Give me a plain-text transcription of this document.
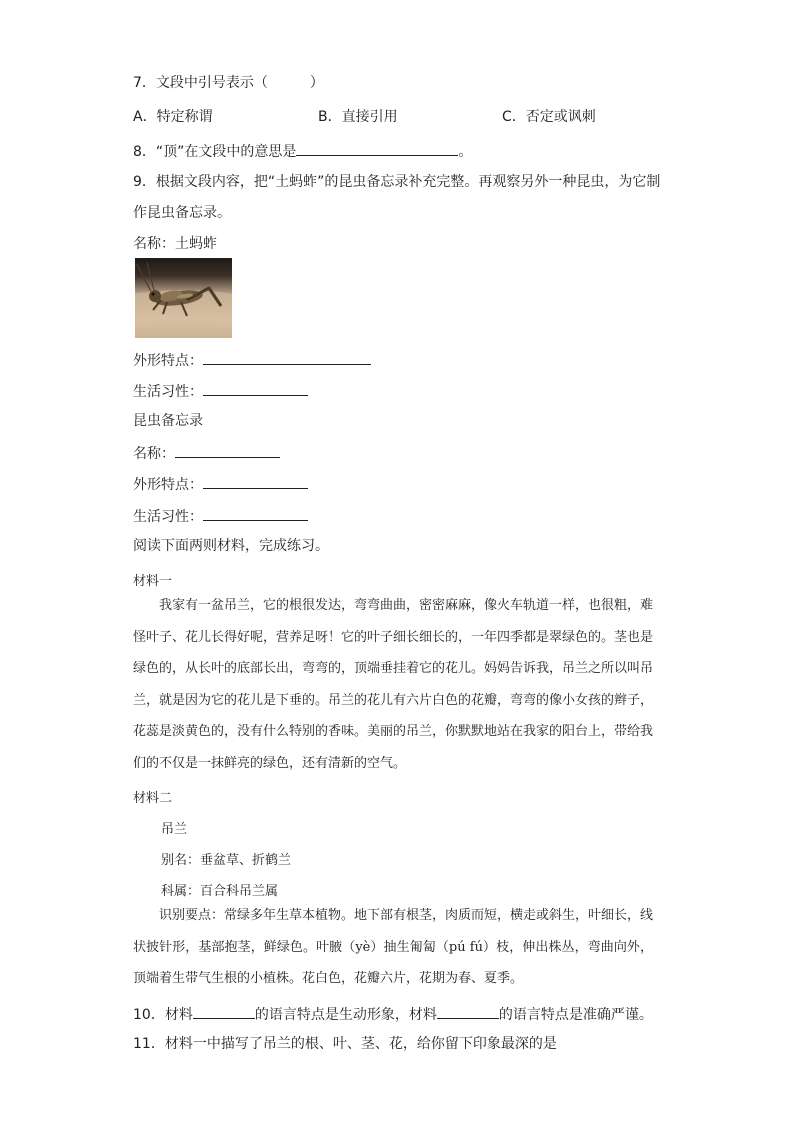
7．文段中引号表示（　　　）
A．特定称谓	B．直接引用	C．否定或讽刺
8．“顶”在文段中的意思是	。
9．根据文段内容，把“土蚂蚱”的昆虫备忘录补充完整。再观察另外一种昆虫，为它制
作昆虫备忘录。
名称：土蚂蚱
外形特点：
生活习性：
昆虫备忘录
名称：
外形特点：
生活习性：
阅读下面两则材料，完成练习。
材料一

我家有一盆吊兰，它的根很发达，弯弯曲曲，密密麻麻，像火车轨道一样，也很粗，难怪叶子、花儿长得好呢，营养足呀！它的叶子细长细长的，一年四季都是翠绿色的。茎也是绿色的，从长叶的底部长出，弯弯的，顶端垂挂着它的花儿。妈妈告诉我，吊兰之所以叫吊兰，就是因为它的花儿是下垂的。吊兰的花儿有六片白色的花瓣，弯弯的像小女孩的辫子，花蕊是淡黄色的，没有什么特别的香味。美丽的吊兰，你默默地站在我家的阳台上，带给我们的不仅是一抹鲜亮的绿色，还有清新的空气。

材料二
吊兰
别名：垂盆草、折鹤兰
科属：百合科吊兰属

识别要点：常绿多年生草本植物。地下部有根茎，肉质而短，横走或斜生，叶细长，线状披针形，基部抱茎，鲜绿色。叶腋（yè）抽生匍匐（pú fú）枝，伸出株丛，弯曲向外，顶端着生带气生根的小植株。花白色，花瓣六片，花期为春、夏季。

10．材料	的语言特点是生动形象，材料	的语言特点是准确严谨。
11．材料一中描写了吊兰的根、叶、茎、花，给你留下印象最深的是
